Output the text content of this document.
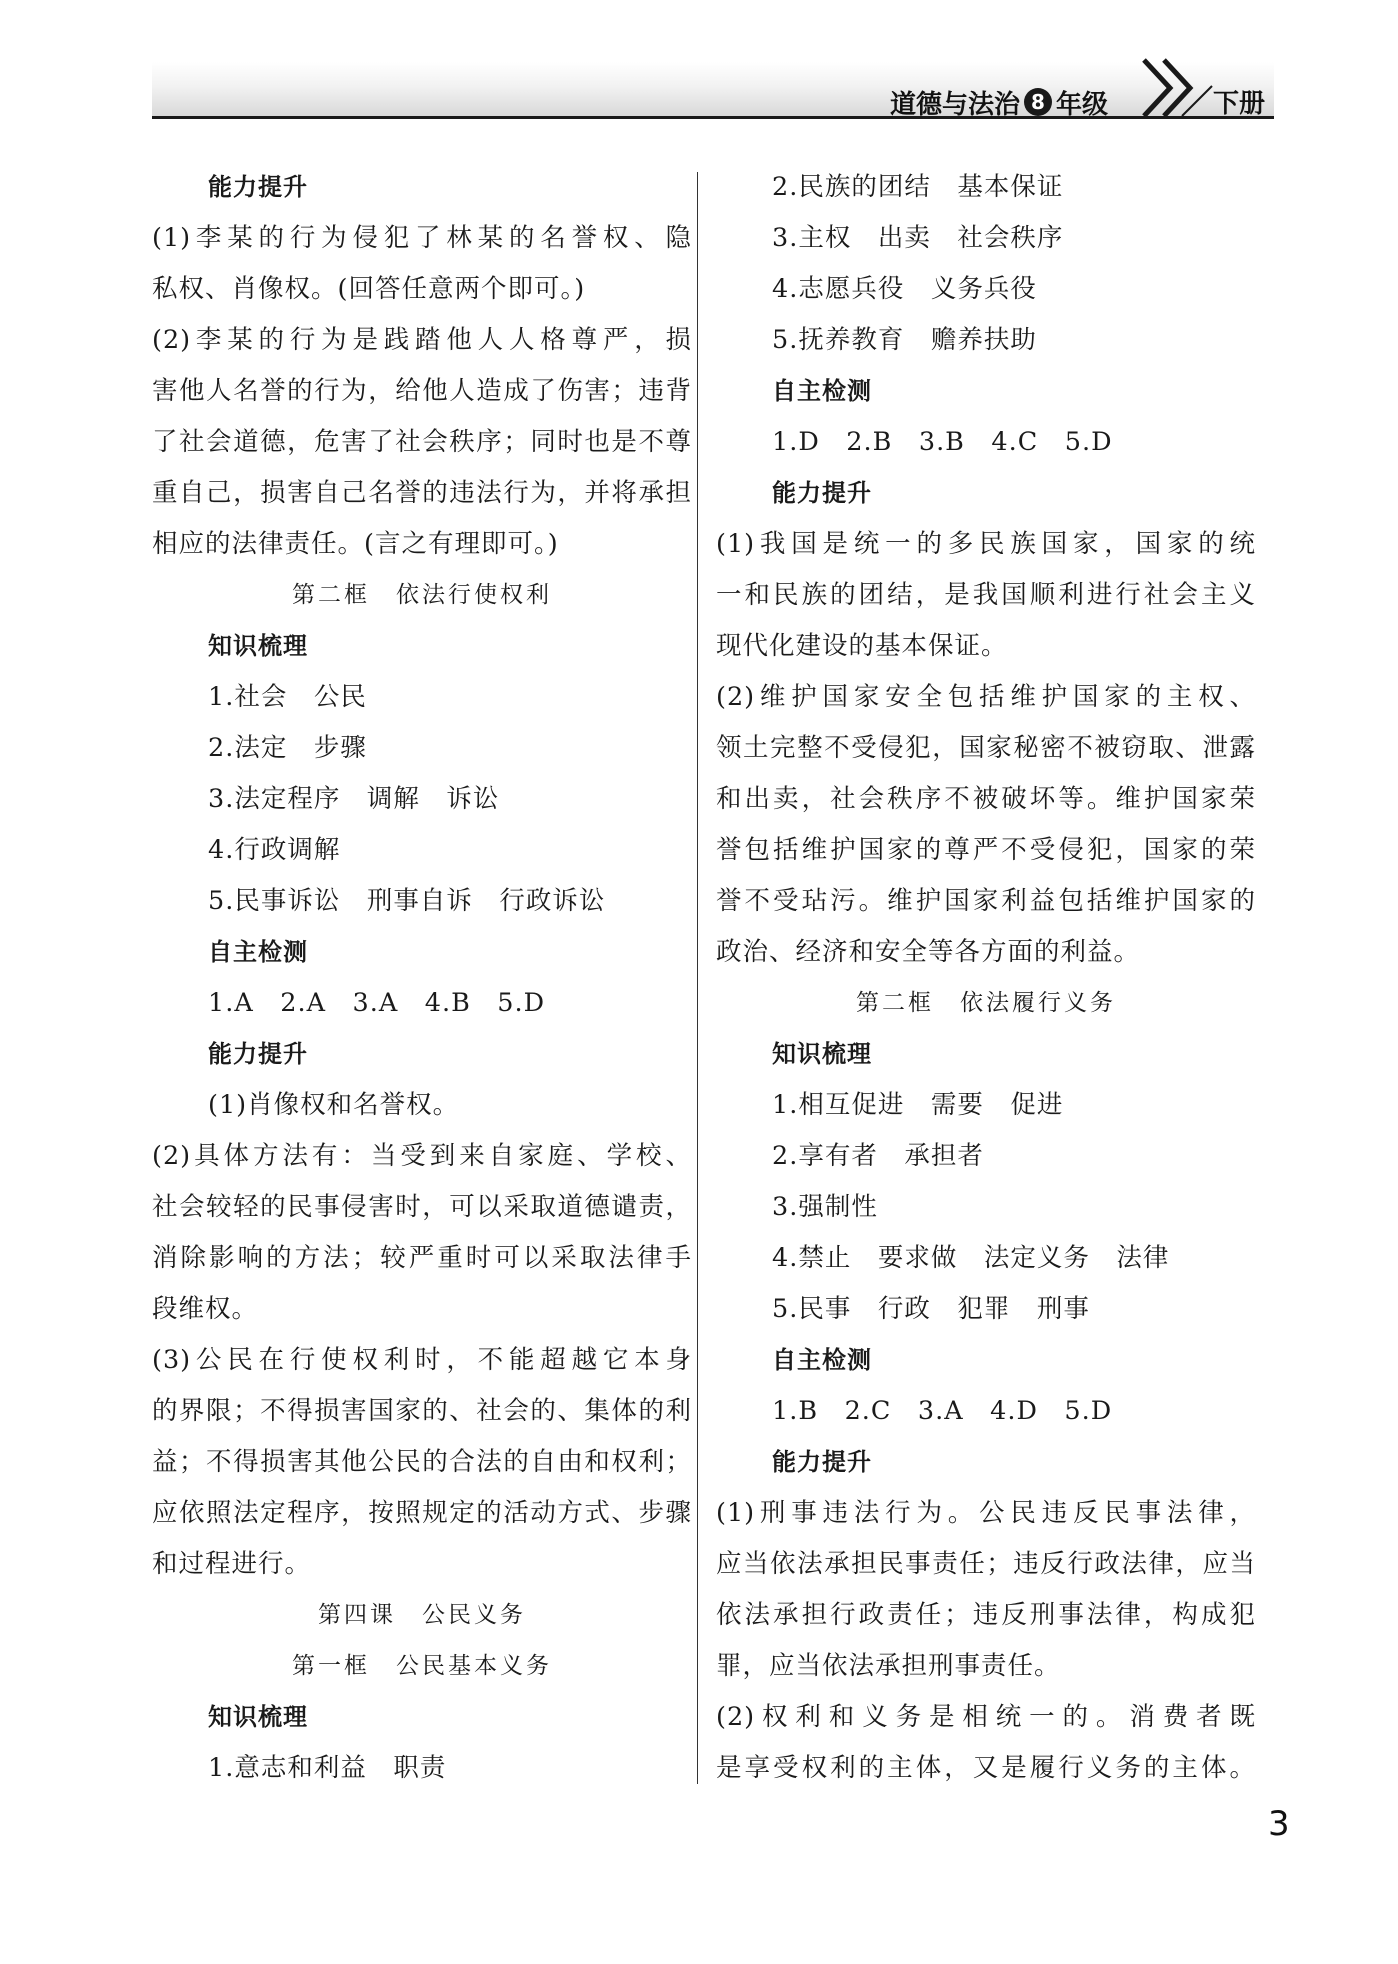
道德与法治 8 年级	下册
能力提升
(1)李某的行为侵犯了林某的名誉权、隐
私权、肖像权。(回答任意两个即可。)
(2)李某的行为是践踏他人人格尊严，损
害他人名誉的行为，给他人造成了伤害；违背
了社会道德，危害了社会秩序；同时也是不尊
重自己，损害自己名誉的违法行为，并将承担
相应的法律责任。(言之有理即可。)
第二框　依法行使权利
知识梳理
1.社会　公民
2.法定　步骤
3.法定程序　调解　诉讼
4.行政调解
5.民事诉讼　刑事自诉　行政诉讼
自主检测
1.A　2.A　3.A　4.B　5.D
能力提升
(1)肖像权和名誉权。
(2)具体方法有：当受到来自家庭、学校、
社会较轻的民事侵害时，可以采取道德谴责，
消除影响的方法；较严重时可以采取法律手
段维权。
(3)公民在行使权利时，不能超越它本身
的界限；不得损害国家的、社会的、集体的利
益；不得损害其他公民的合法的自由和权利；
应依照法定程序，按照规定的活动方式、步骤
和过程进行。
第四课　公民义务
第一框　公民基本义务
知识梳理
1.意志和利益　职责
2.民族的团结　基本保证
3.主权　出卖　社会秩序
4.志愿兵役　义务兵役
5.抚养教育　赡养扶助
自主检测
1.D　2.B　3.B　4.C　5.D
能力提升
(1)我国是统一的多民族国家，国家的统
一和民族的团结，是我国顺利进行社会主义
现代化建设的基本保证。
(2)维护国家安全包括维护国家的主权、
领土完整不受侵犯，国家秘密不被窃取、泄露
和出卖，社会秩序不被破坏等。维护国家荣
誉包括维护国家的尊严不受侵犯，国家的荣
誉不受玷污。维护国家利益包括维护国家的
政治、经济和安全等各方面的利益。
第二框　依法履行义务
知识梳理
1.相互促进　需要　促进
2.享有者　承担者
3.强制性
4.禁止　要求做　法定义务　法律
5.民事　行政　犯罪　刑事
自主检测
1.B　2.C　3.A　4.D　5.D
能力提升
(1)刑事违法行为。公民违反民事法律，
应当依法承担民事责任；违反行政法律，应当
依法承担行政责任；违反刑事法律，构成犯
罪，应当依法承担刑事责任。
(2)权利和义务是相统一的。消费者既
是享受权利的主体，又是履行义务的主体。
3
